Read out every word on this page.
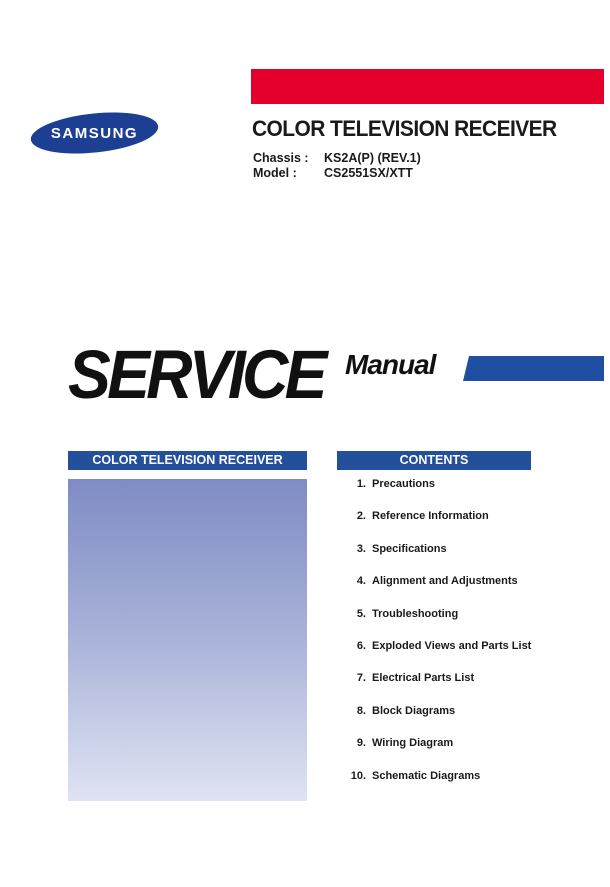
SAMSUNG	COLOR TELEVISION RECEIVER
Chassis : KS2A(P) (REV.1)
Model : CS2551SX/XTT
SERVICE Manual
COLOR TELEVISION RECEIVER	CONTENTS
1. Precautions
2. Reference Information
3. Specifications
4. Alignment and Adjustments
5. Troubleshooting
6. Exploded Views and Parts List
7. Electrical Parts List
8. Block Diagrams
9. Wiring Diagram
10. Schematic Diagrams
